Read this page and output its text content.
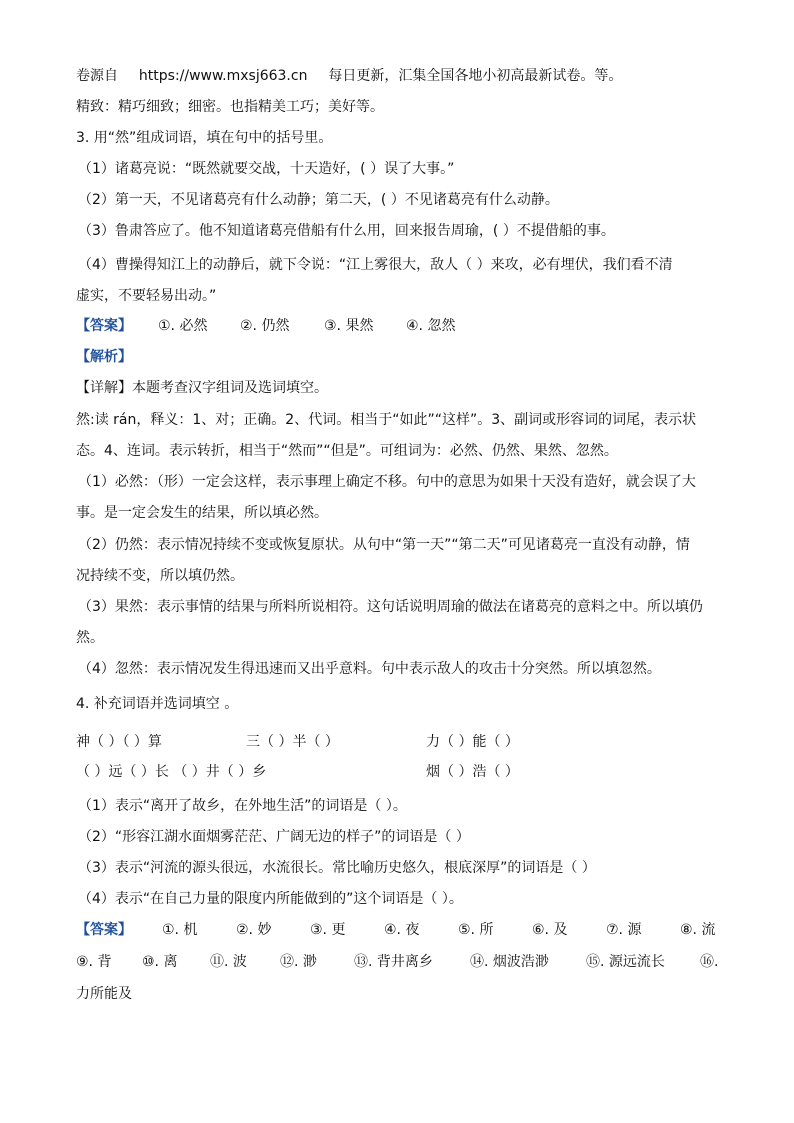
卷源自 https://www.mxsj663.cn 每日更新，汇集全国各地小初高最新试卷。等。
精致：精巧细致；细密。也指精美工巧；美好等。
3. 用“然”组成词语，填在句中的括号里。
（1）诸葛亮说：“既然就要交战，十天造好，( ）误了大事。”
（2）第一天，不见诸葛亮有什么动静；第二天，( ）不见诸葛亮有什么动静。
（3）鲁肃答应了。他不知道诸葛亮借船有什么用，回来报告周瑜，( ）不提借船的事。
（4）曹操得知江上的动静后，就下令说：“江上雾很大，敌人（ ）来攻，必有埋伏，我们看不清
虚实，不要轻易出动。”
【答案】 ①. 必然 ②. 仍然 ③. 果然 ④. 忽然
【解析】
【详解】本题考查汉字组词及选词填空。
然:读 rán，释义：1、对；正确。2、代词。相当于“如此”“这样”。3、副词或形容词的词尾，表示状
态。4、连词。表示转折，相当于“然而”“但是”。可组词为：必然、仍然、果然、忽然。
（1）必然：（形）一定会这样，表示事理上确定不移。句中的意思为如果十天没有造好，就会误了大
事。是一定会发生的结果，所以填必然。
（2）仍然：表示情况持续不变或恢复原状。从句中“第一天”“第二天”可见诸葛亮一直没有动静，情
况持续不变，所以填仍然。
（3）果然：表示事情的结果与所料所说相符。这句话说明周瑜的做法在诸葛亮的意料之中。所以填仍
然。
（4）忽然：表示情况发生得迅速而又出乎意料。句中表示敌人的攻击十分突然。所以填忽然。
4. 补充词语并选词填空 。
神（ ）（ ）算	三（ ）半（ ）	力（ ）能（ ）
（ ）远（ ）长 （ ）井（ ）乡	烟（ ）浩（ ）
（1）表示“离开了故乡，在外地生活”的词语是（ ）。
（2）“形容江湖水面烟雾茫茫、广阔无边的样子”的词语是（ ）
（3）表示“河流的源头很远，水流很长。常比喻历史悠久，根底深厚”的词语是（ ）
（4）表示“在自己力量的限度内所能做到的”这个词语是（ ）。
【答案】 ①. 机	②. 妙	③. 更	④. 夜	⑤. 所	⑥. 及	⑦. 源	⑧. 流
⑨. 背 ⑩. 离 ⑪. 波 ⑫. 渺	⑬. 背井离乡	⑭. 烟波浩渺	⑮. 源远流长	⑯.
力所能及
